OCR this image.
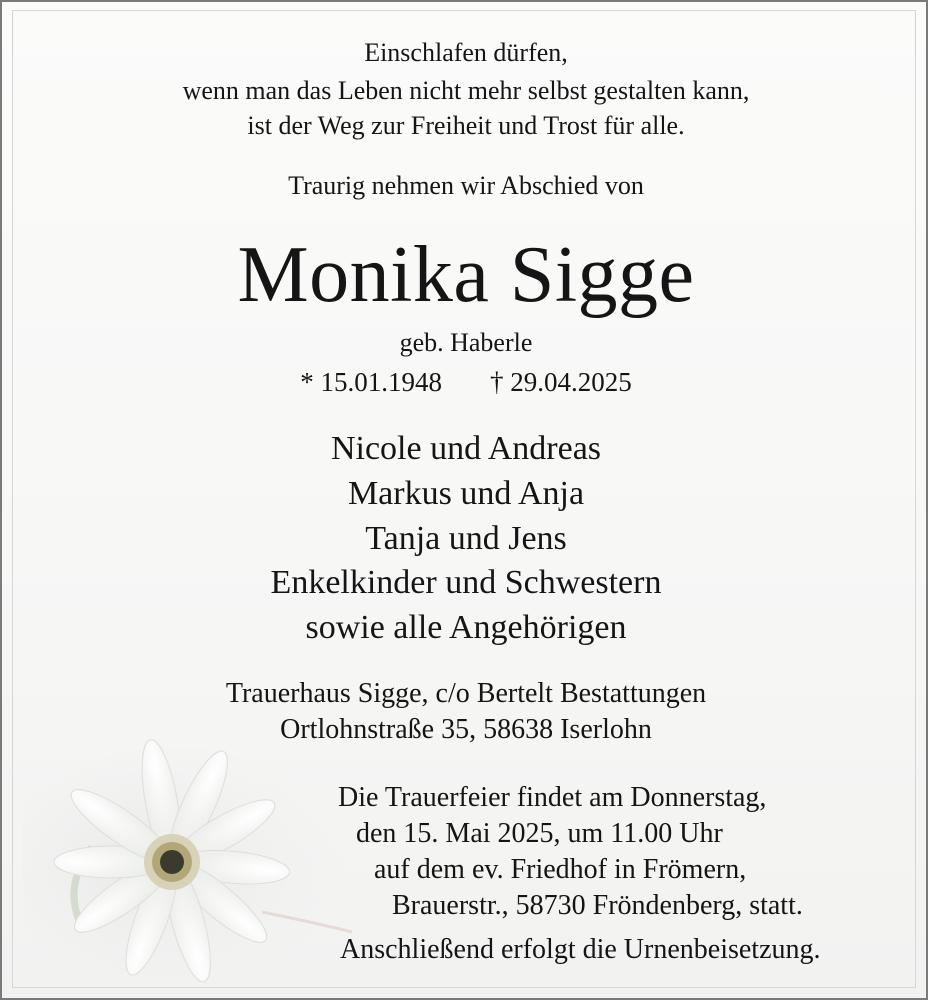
Einschlafen dürfen,
wenn man das Leben nicht mehr selbst gestalten kann,
ist der Weg zur Freiheit und Trost für alle.
Traurig nehmen wir Abschied von
Monika Sigge
geb. Haberle
* 15.01.1948 † 29.04.2025
Nicole und Andreas
Markus und Anja
Tanja und Jens
Enkelkinder und Schwestern
sowie alle Angehörigen
Trauerhaus Sigge, c/o Bertelt Bestattungen
Ortlohnstraße 35, 58638 Iserlohn
Die Trauerfeier findet am Donnerstag,
den 15. Mai 2025, um 11.00 Uhr
auf dem ev. Friedhof in Frömern,
Brauerstr., 58730 Fröndenberg, statt.
Anschließend erfolgt die Urnenbeisetzung.
